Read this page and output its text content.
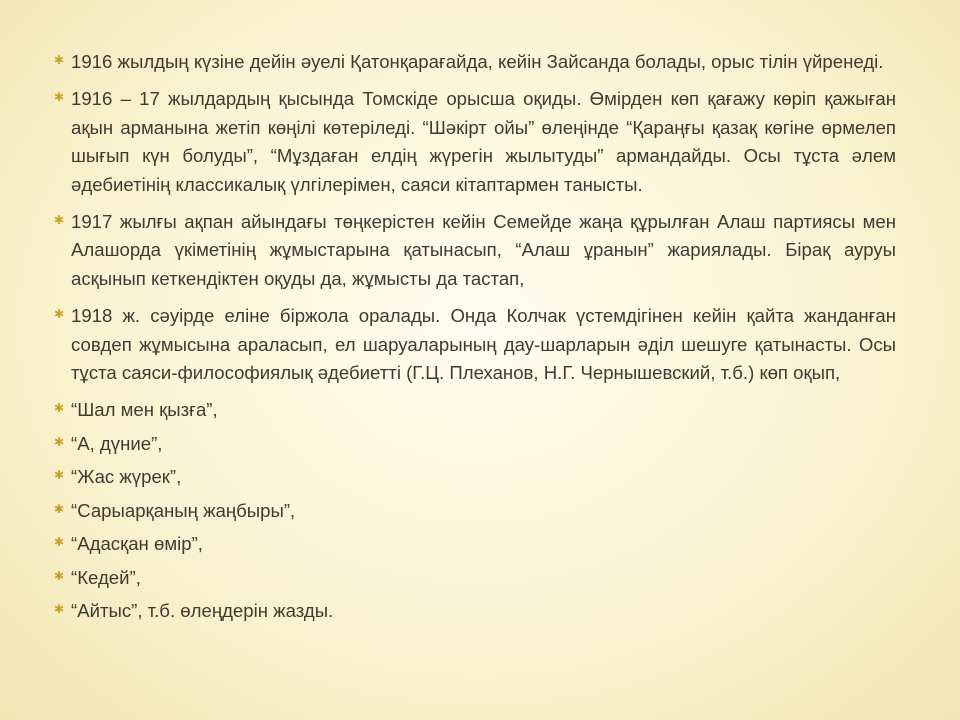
✱ 1916 жылдың күзіне дейін әуелі Қатонқарағайда, кейін Зайсанда болады, орыс тілін үйренеді.
✱ 1916 – 17 жылдардың қысында Томскіде орысша оқиды. Өмірден көп қағажу көріп қажыған ақын арманына жетіп көңілі көтеріледі. “Шәкірт ойы” өлеңінде “Қараңғы қазақ көгіне өрмелеп шығып күн болуды”, “Мұздаған елдің жүрегін жылытуды” армандайды. Осы тұста әлем әдебиетінің классикалық үлгілерімен, саяси кітаптармен танысты.
✱ 1917 жылғы ақпан айындағы төңкерістен кейін Семейде жаңа құрылған Алаш партиясы мен Алашорда үкіметінің жұмыстарына қатынасып, “Алаш ұранын” жариялады. Бірақ ауруы асқынып кеткендіктен оқуды да, жұмысты да тастап,
✱ 1918 ж. сәуірде еліне біржола оралады. Онда Колчак үстемдігінен кейін қайта жанданған совдеп жұмысына араласып, ел шаруаларының дау-шарларын әділ шешуге қатынасты. Осы тұста саяси-философиялық әдебиетті (Г.Ц. Плеханов, Н.Г. Чернышевский, т.б.) көп оқып,
✱ “Шал мен қызға”,
✱ “А, дүние”,
✱ “Жас жүрек”,
✱ “Сарыарқаның жаңбыры”,
✱ “Адасқан өмір”,
✱ “Кедей”,
✱ “Айтыс”, т.б. өлеңдерін жазды.
